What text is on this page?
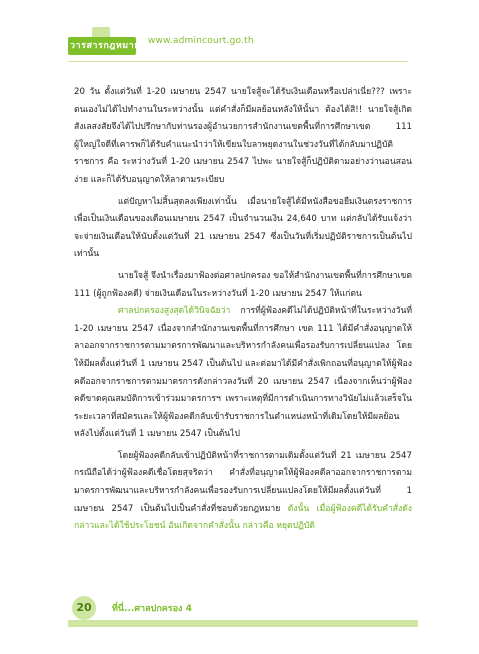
วารสารกฎหมาย www.admincourt.go.th

20 วัน ตั้งแต่วันที่ 1-20 เมษายน 2547 นายใจสู้จะได้รับเงินเดือนหรือเปล่าเนี่ย??? เพราะตนเองไม่ได้ไปทำงานในระหว่างนั้น แต่คำสั่งก็มีผลย้อนหลังให้นั้นา ต้องได้สิ!! นายใจสู้เกิดสังเลสงสัยจึงได้ไปปรึกษากับท่านรองผู้อำนวยการสำนักงานเขตพื้นที่การศึกษาเขต 111 ผู้ใหญ่ใจดีที่เคารพก็ได้รับคำแนะนำว่าให้เขียนใบลาพยุดงานในช่วงวันที่ได้กลับมาปฏิบัติราชการ คือ ระหว่างวันที่ 1-20 เมษายน 2547 ไปพะ นายใจสู้ก็ปฏิบัติตามอย่างว่านอนสอนง่าย และก็ได้รับอนุญาตให้ลาตามระเบียบ

แต่ปัญหาไม่สิ้นสุดลงเพียงเท่านั้น เมื่อนายใจสู้ได้มีหนังสือขอยืมเงินตรงราชการเพื่อเป็นเงินเดือนของเดือนเมษายน 2547 เป็นจำนวนเงิน 24,640 บาท แต่กลับได้รับแจ้งว่าจะจ่ายเงินเดือนให้นับตั้งแต่วันที่ 21 เมษายน 2547 ซึ่งเป็นวันที่เริ่มปฏิบัติราชการเป็นต้นไปเท่านั้น

นายใจสู้ จึงนำเรื่องมาฟ้องต่อศาลปกครอง ขอให้สำนักงานเขตพื้นที่การศึกษาเขต 111 (ผู้ถูกฟ้องคดี) จ่ายเงินเดือนในระหว่างวันที่ 1-20 เมษายน 2547 ให้แก่ตน

ศาลปกครองสูงสุดได้วินิจฉัยว่า การที่ผู้ฟ้องคดีไม่ได้ปฏิบัติหน้าที่ในระหว่างวันที่ 1-20 เมษายน 2547 เนื่องจากสำนักงานเขตพื้นที่การศึกษา เขต 111 ได้มีคำสั่งอนุญาตให้ลาออกจากราชการตามมาตรการพัฒนาและบริหารกำลังคนเพื่อรองรับการเปลี่ยนแปลง โดยให้มีผลตั้งแต่วันที่ 1 เมษายน 2547 เป็นต้นไป และต่อมาได้มีคำสั่งเพิกถอนที่อนุญาตให้ผู้ฟ้องคดีออกจากราชการตามมาตรการดังกล่าวลงวันที่ 20 เมษายน 2547 เนื่องจากเห็นว่าผู้ฟ้องคดีขาดคุณสมบัติการเข้าร่วมมาตรการฯ เพราะเหตุที่มีการดำเนินการทางวินัยไม่แล้วเสร็จในระยะเวลาที่สมัครและให้ผู้ฟ้องคดีกลับเข้ารับราชการในตำแหน่งหน้าที่เดิมโดยให้มีผลย้อนหลังไปตั้งแต่วันที่ 1 เมษายน 2547 เป็นต้นไป

โดยผู้ฟ้องคดีกลับเข้าปฏิบัติหน้าที่ราชการตามเดิมตั้งแต่วันที่ 21 เมษายน 2547 กรณีถือได้ว่าผู้ฟ้องคดีเชื่อโดยสุจริตว่า คำสั่งที่อนุญาตให้ผู้ฟ้องคดีลาออกจากราชการตามมาตรการพัฒนาและบริหารกำลังคนเพื่อรองรับการเปลี่ยนแปลงโดยให้มีผลตั้งแต่วันที่ 1 เมษายน 2547 เป็นต้นไปเป็นคำสั่งที่ชอบด้วยกฎหมาย ดังนั้น เมื่อผู้ฟ้องคดีได้รับคำสั่งดังกล่าวและได้ใช้ประโยชน์ อันเกิดจากคำสั่งนั้น กล่าวคือ หยุดปฏิบัติ

20	ที่นี่...ศาลปกครอง 4
